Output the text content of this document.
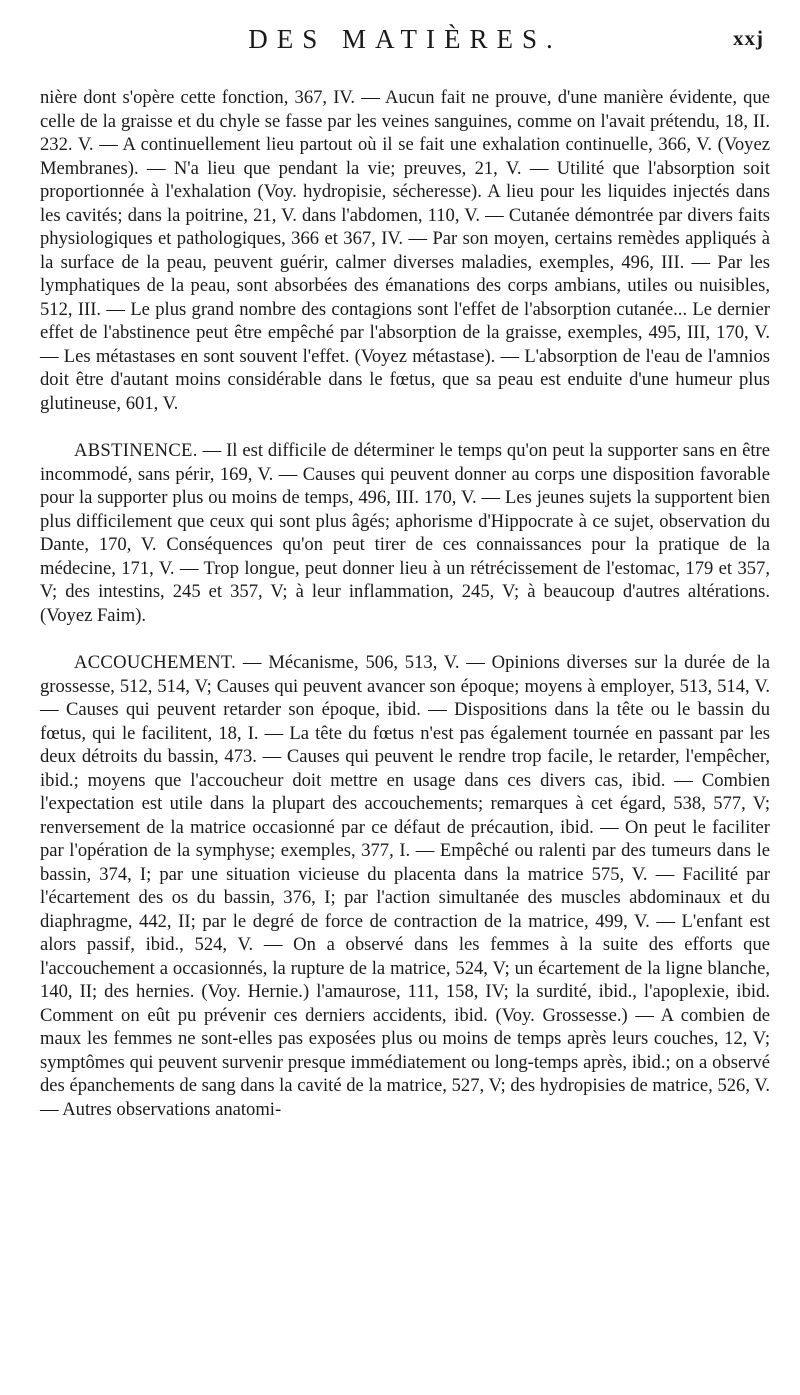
DES MATIÈRES.	xxj

nière dont s'opère cette fonction, 367, IV. — Aucun fait ne prouve, d'une manière évidente, que celle de la graisse et du chyle se fasse par les veines sanguines, comme on l'avait prétendu, 18, II. 232. V. — A continuellement lieu partout où il se fait une exhalation continuelle, 366, V. (Voyez Membranes). — N'a lieu que pendant la vie; preuves, 21, V. — Utilité que l'absorption soit proportionnée à l'exhalation (Voy. hydropisie, sécheresse). A lieu pour les liquides injectés dans les cavités; dans la poitrine, 21, V. dans l'abdomen, 110, V. — Cutanée démontrée par divers faits physiologiques et pathologiques, 366 et 367, IV. — Par son moyen, certains remèdes appliqués à la surface de la peau, peuvent guérir, calmer diverses maladies, exemples, 496, III. — Par les lymphatiques de la peau, sont absorbées des émanations des corps ambians, utiles ou nuisibles, 512, III. — Le plus grand nombre des contagions sont l'effet de l'absorption cutanée... Le dernier effet de l'abstinence peut être empêché par l'absorption de la graisse, exemples, 495, III, 170, V. — Les métastases en sont souvent l'effet. (Voyez métastase). — L'absorption de l'eau de l'amnios doit être d'autant moins considérable dans le fœtus, que sa peau est enduite d'une humeur plus glutineuse, 601, V.

ABSTINENCE. — Il est difficile de déterminer le temps qu'on peut la supporter sans en être incommodé, sans périr, 169, V. — Causes qui peuvent donner au corps une disposition favorable pour la supporter plus ou moins de temps, 496, III. 170, V. — Les jeunes sujets la supportent bien plus difficilement que ceux qui sont plus âgés; aphorisme d'Hippocrate à ce sujet, observation du Dante, 170, V. Conséquences qu'on peut tirer de ces connaissances pour la pratique de la médecine, 171, V. — Trop longue, peut donner lieu à un rétrécissement de l'estomac, 179 et 357, V; des intestins, 245 et 357, V; à leur inflammation, 245, V; à beaucoup d'autres altérations. (Voyez Faim).

ACCOUCHEMENT. — Mécanisme, 506, 513, V. — Opinions diverses sur la durée de la grossesse, 512, 514, V; Causes qui peuvent avancer son époque; moyens à employer, 513, 514, V. — Causes qui peuvent retarder son époque, ibid. — Dispositions dans la tête ou le bassin du fœtus, qui le facilitent, 18, I. — La tête du fœtus n'est pas également tournée en passant par les deux détroits du bassin, 473. — Causes qui peuvent le rendre trop facile, le retarder, l'empêcher, ibid.; moyens que l'accoucheur doit mettre en usage dans ces divers cas, ibid. — Combien l'expectation est utile dans la plupart des accouchements; remarques à cet égard, 538, 577, V; renversement de la matrice occasionné par ce défaut de précaution, ibid. — On peut le faciliter par l'opération de la symphyse; exemples, 377, I. — Empêché ou ralenti par des tumeurs dans le bassin, 374, I; par une situation vicieuse du placenta dans la matrice 575, V. — Facilité par l'écartement des os du bassin, 376, I; par l'action simultanée des muscles abdominaux et du diaphragme, 442, II; par le degré de force de contraction de la matrice, 499, V. — L'enfant est alors passif, ibid., 524, V. — On a observé dans les femmes à la suite des efforts que l'accouchement a occasionnés, la rupture de la matrice, 524, V; un écartement de la ligne blanche, 140, II; des hernies. (Voy. Hernie.) l'amaurose, 111, 158, IV; la surdité, ibid., l'apoplexie, ibid. Comment on eût pu prévenir ces derniers accidents, ibid. (Voy. Grossesse.) — A combien de maux les femmes ne sont-elles pas exposées plus ou moins de temps après leurs couches, 12, V; symptômes qui peuvent survenir presque immédiatement ou long-temps après, ibid.; on a observé des épanchements de sang dans la cavité de la matrice, 527, V; des hydropisies de matrice, 526, V. — Autres observations anatomi-
